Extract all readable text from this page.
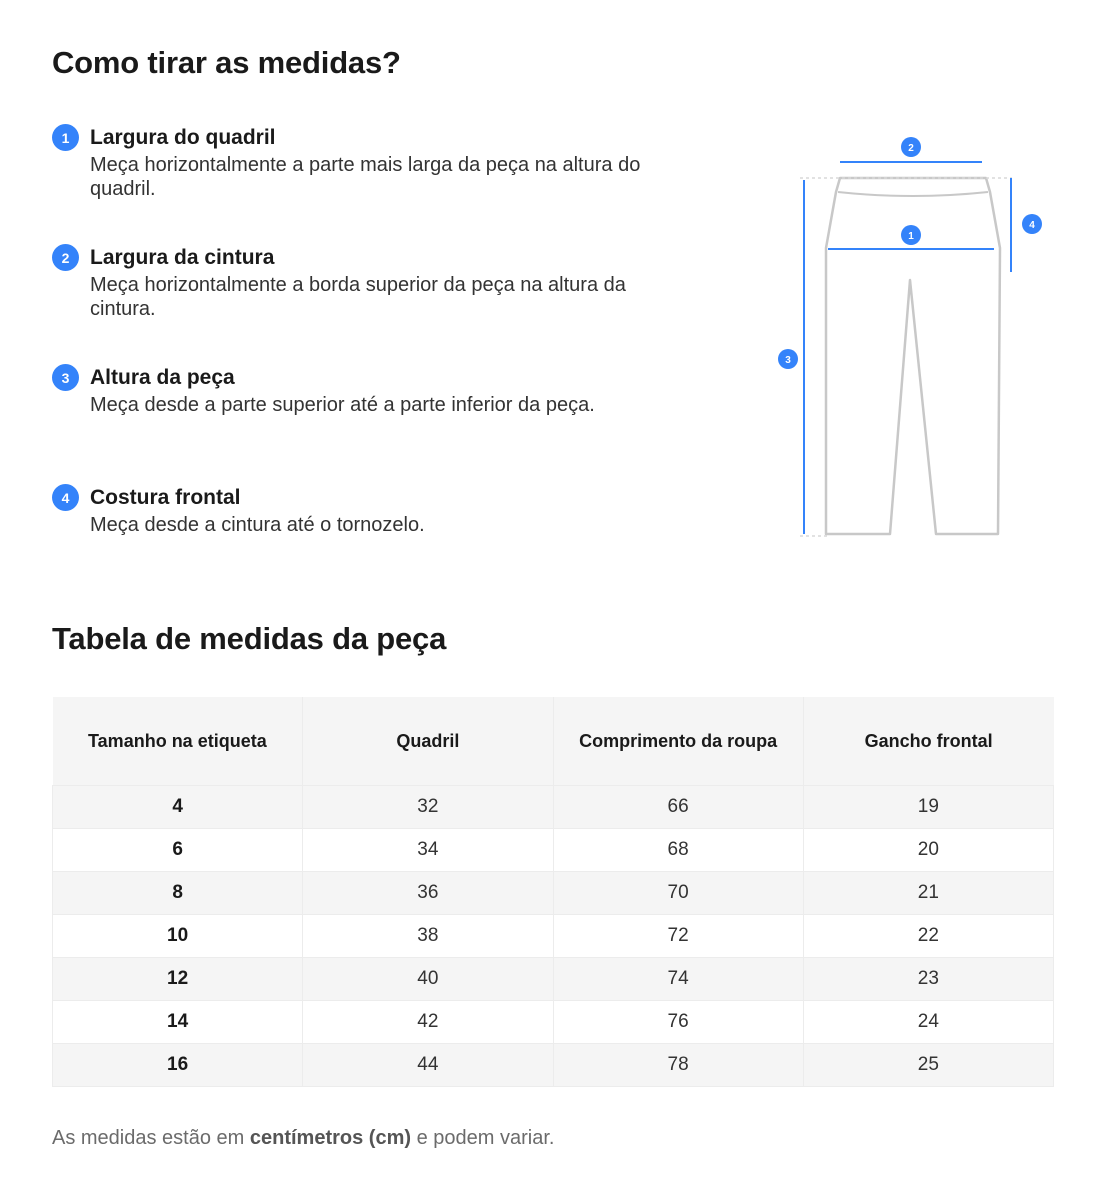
Como tirar as medidas?
1 Largura do quadril
Meça horizontalmente a parte mais larga da peça na altura do quadril.
2 Largura da cintura
Meça horizontalmente a borda superior da peça na altura da cintura.
3 Altura da peça
Meça desde a parte superior até a parte inferior da peça.
4 Costura frontal
Meça desde a cintura até o tornozelo.
2
1
4
3
Tabela de medidas da peça
Tamanho na etiqueta	Quadril	Comprimento da roupa	Gancho frontal
4	32	66	19
6	34	68	20
8	36	70	21
10	38	72	22
12	40	74	23
14	42	76	24
16	44	78	25
As medidas estão em centímetros (cm) e podem variar.
